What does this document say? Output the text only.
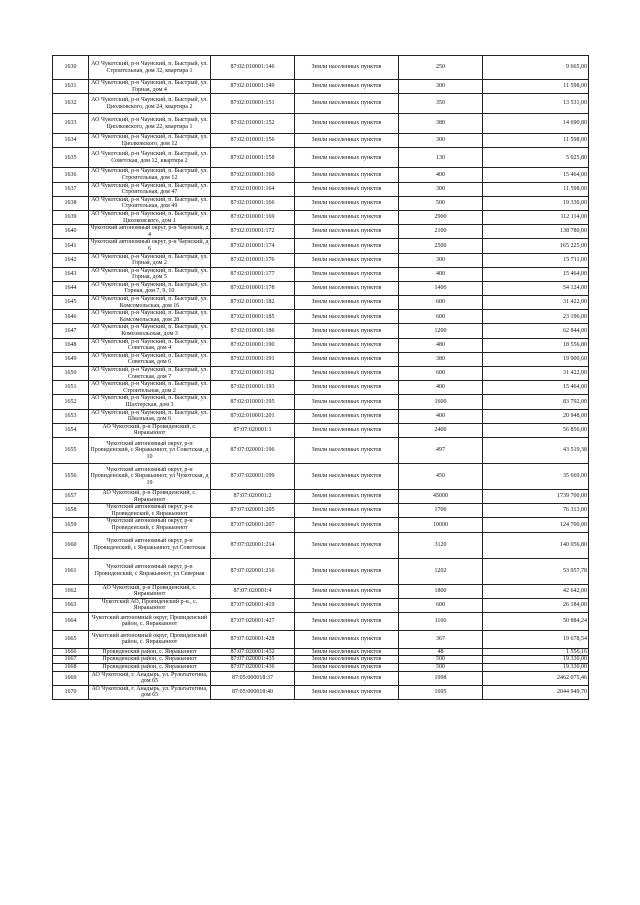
1630	АО Чукотский, р-н Чаунский, п. Быстрый, ул. Строительная, дом 32, квартира 1	87:02:010001:146	Земли населенных пунктов	250	9 665,00
1631	АО Чукотский, р-н Чаунский, п. Быстрый, ул. Горная, дом 4	87:02:010001:149	Земли населенных пунктов	300	11 598,00
1632	АО Чукотский, р-н Чаунский, п. Быстрый, ул. Циолковского, дом 24, квартира 2	87:02:010001:151	Земли населенных пунктов	350	13 531,00
1633	АО Чукотский, р-н Чаунский, п. Быстрый, ул. Циолковского, дом 22, квартира 1	87:02:010001:152	Земли населенных пунктов	380	14 690,80
1634	АО Чукотский, р-н Чаунский, п. Быстрый, ул. Циолковского, дом 12	87:02:010001:156	Земли населенных пунктов	300	11 598,00
1635	АО Чукотский, р-н Чаунский, п. Быстрый, ул. Советская, дом 12, квартира 2	87:02:010001:158	Земли населенных пунктов	130	5 025,80
1636	АО Чукотский, р-н Чаунский, п. Быстрый, ул. Строительная, дом 12	87:02:010001:160	Земли населенных пунктов	400	15 464,00
1637	АО Чукотский, р-н Чаунский, п. Быстрый, ул. Строительная, дом 47	87:02:010001:164	Земли населенных пунктов	300	11 598,00
1638	АО Чукотский, р-н Чаунский, п. Быстрый, ул. Строительная, дом 49	87:02:010001:166	Земли населенных пунктов	500	19 330,00
1639	АО Чукотский, р-н Чаунский, п. Быстрый, ул. Циолковского, дом 1	87:02:010001:169	Земли населенных пунктов	2900	112 114,00
1640	Чукотский автономный округ, р-н Чаунский, д 4	87:02:010001:172	Земли населенных пунктов	2100	138 780,00
1641	Чукотский автономный округ, р-н Чаунский, д 6	87:02:010001:174	Земли населенных пунктов	2500	165 225,00
1642	АО Чукотский, р-н Чаунский, п. Быстрый, ул. Горная, дом 2	87:02:010001:176	Земли населенных пунктов	300	15 711,00
1643	АО Чукотский, р-н Чаунский, п. Быстрый, ул. Горная, дом 5	87:02:010001:177	Земли населенных пунктов	400	15 464,00
1644	АО Чукотский, р-н Чаунский, п. Быстрый, ул. Горная, дом 7, 9, 10	87:02:010001:178	Земли населенных пунктов	1400	54 124,00
1645	АО Чукотский, р-н Чаунский, п. Быстрый, ул. Комсомольская, дом 16	87:02:010001:182	Земли населенных пунктов	600	31 422,00
1646	АО Чукотский, р-н Чаунский, п. Быстрый, ул. Комсомольская, дом 28	87:02:010001:185	Земли населенных пунктов	600	23 196,00
1647	АО Чукотский, р-н Чаунский, п. Быстрый, ул. Комсомольская, дом 3	87:02:010001:186	Земли населенных пунктов	1200	62 844,00
1648	АО Чукотский, р-н Чаунский, п. Быстрый, ул. Советская, дом 4	87:02:010001:190	Земли населенных пунктов	480	18 556,80
1649	АО Чукотский, р-н Чаунский, п. Быстрый, ул. Советская, дом 6	87:02:010001:191	Земли населенных пунктов	380	19 900,60
1650	АО Чукотский, р-н Чаунский, п. Быстрый, ул. Советская, дом 7	87:02:010001:192	Земли населенных пунктов	600	31 422,00
1651	АО Чукотский, р-н Чаунский, п. Быстрый, ул. Строительная, дом 2	87:02:010001:193	Земли населенных пунктов	400	15 464,00
1652	АО Чукотский, р-н Чаунский, п. Быстрый, ул. Шахтерская, дом 3	87:02:010001:195	Земли населенных пунктов	1600	83 792,00
1653	АО Чукотский, р-н Чаунский, п. Быстрый, ул. Школьная, дом 6	87:02:010001:201	Земли населенных пунктов	400	20 948,00
1654	АО Чукотский, р-н Провиденский, с. Янракыннот	87:07:020001:1	Земли населенных пунктов	2400	56 856,00
1655	Чукотский автономный округ, р-н Провиденский, с Янракыннот, ул Советская, д 10	87:07:020001:196	Земли населенных пунктов	497	43 519,38
1656	Чукотский автономный округ, р-н Провиденский, с Янракыннот, ул Чукотская, д 19	87:07:020001:199	Земли населенных пунктов	450	35 669,00
1657	АО Чукотский, р-н Провиденский, с. Янракыннот	87:07:020001:2	Земли населенных пунктов	45000	1739 700,00
1658	Чукотский автономный округ, р-н Провиденский, с Янракыннот	87:07:020001:205	Земли населенных пунктов	1700	76 313,00
1659	Чукотский автономный округ, р-н Провиденский, с Янракыннот	87:07:020001:207	Земли населенных пунктов	10000	124 700,00
1660	Чукотский автономный округ, р-н Провиденский, с Янракыннот, ул Советская	87:07:020001:214	Земли населенных пунктов	3120	140 056,80
1661	Чукотский автономный округ, р-н Провиденский, с Янракыннот, ул Северная	87:07:020001:216	Земли населенных пунктов	1202	53 957,78
1662	АО Чукотский, р-н Провиденский, с. Янракыннот	87:07:020001:4	Земли населенных пунктов	1800	42 642,00
1663	Чукотский АО, Провиденский р-н., с. Янракыннот	87:07:020001:419	Земли населенных пунктов	600	26 184,00
1664	Чукотский автономный округ, Провиденский район, с. Янракыннот	87:07:020001:427	Земли населенных пунктов	1166	50 884,24
1665	Чукотский автономный округ, Провиденский район, с. Янракыннот	87:07:020001:428	Земли населенных пунктов	367	19 678,54
1666	Провиденский район, с. Янракыннот	87:07:020001:432	Земли населенных пунктов	48	1 556,16
1667	Провиденский район, с. Янракыннот	87:07:020001:435	Земли населенных пунктов	500	19 330,00
1668	Провиденский район, с. Янракыннот	87:07:020001:436	Земли населенных пунктов	500	19 330,00
1669	АО Чукотский, г. Анадырь, ул. Рультытегина, дом 65	87:05:000018:37	Земли населенных пунктов	1998	2462 075,46
1670	АО Чукотский, г. Анадырь, ул. Рультытегина, дом 65	87:05:000018:40	Земли населенных пунктов	1695	2044 949,70
